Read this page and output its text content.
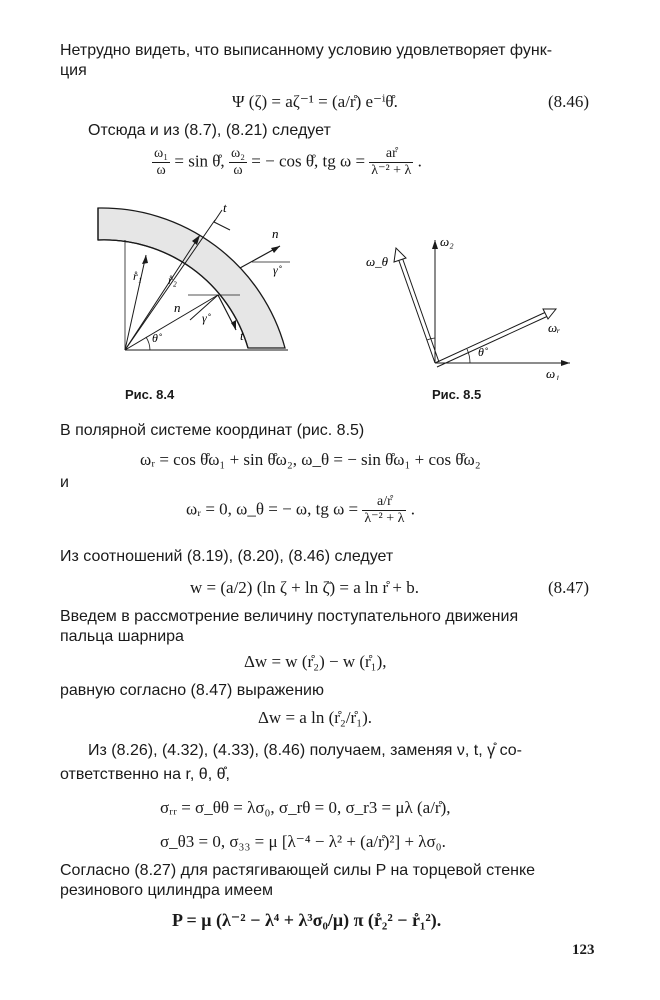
Нетрудно видеть, что выписанному условию удовлетворяет функ-
ция
Ψ (ζ) = aζ⁻¹ = (a/r̊) e⁻ⁱθ̊.	(8.46)
Отсюда и из (8.7), (8.21) следует
$\frac{\text{ω₁}}{\omega} = \sin$ θ̊, $\frac{\text{ω₂}}{\omega}$ = − cos θ̊, tg $\omega = \frac{ar̊}{\text{λ⁻² + λ}}$ .
t
n
γ̊
r̊₁ r̊₂
n
γ̊
t
θ̊
ω_θ
ω₂
ωᵣ
θ̊
ω₁
Рис. 8.4	Рис. 8.5
В полярной системе координат (рис. 8.5)
ωᵣ = cos θ̊ω₁ + sin θ̊ω₂, ω_θ = − sin θ̊ω₁ + cos θ̊ω₂
и
ωᵣ = 0, ω_θ = − ω, tg $\omega = \frac{a/r̊}{\text{λ⁻² + λ}}$ .
Из соотношений (8.19), (8.20), (8.46) следует
w = (a/2) (ln ζ + ln ζ̄) = a ln r̊ + b.	(8.47)
Введем в рассмотрение величину поступательного движения
пальца шарнира
Δw = w (r̊₂) − w (r̊₁),
равную согласно (8.47) выражению
Δw = a ln (r̊₂/r̊₁).
Из (8.26), (4.32), (4.33), (8.46) получаем, заменяя ν, t, γ̊ со-
ответственно на r, θ, θ̊,
σᵣᵣ = σ_θθ = λσ₀, σ_rθ = 0, σ_r3 = μλ (a/r̊),
σ_θ3 = 0, σ₃₃ = μ [λ⁻⁴ − λ² + (a/r̊)²] + λσ₀.
Согласно (8.27) для растягивающей силы P на торцевой стенке
резинового цилиндра имеем
P = μ (λ⁻² − λ⁴ + λ³σ₀/μ) π (r̊₂² − r̊₁²).
123
